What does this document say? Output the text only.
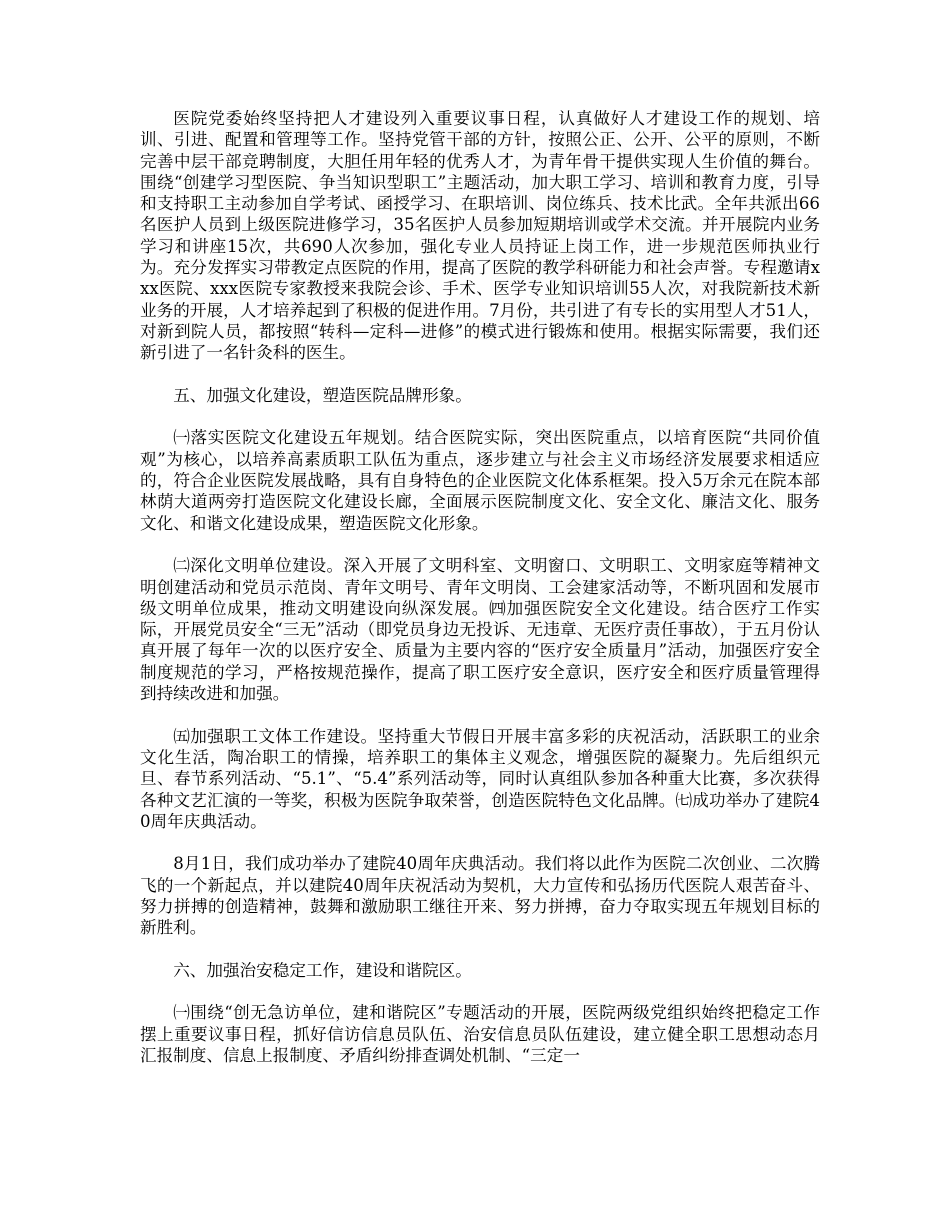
医院党委始终坚持把人才建设列入重要议事日程，认真做好人才建设工作的规划、培训、引进、配置和管理等工作。坚持党管干部的方针，按照公正、公开、公平的原则，不断完善中层干部竞聘制度，大胆任用年轻的优秀人才，为青年骨干提供实现人生价值的舞台。围绕“创建学习型医院、争当知识型职工”主题活动，加大职工学习、培训和教育力度，引导和支持职工主动参加自学考试、函授学习、在职培训、岗位练兵、技术比武。全年共派出66名医护人员到上级医院进修学习，35名医护人员参加短期培训或学术交流。并开展院内业务学习和讲座15次，共690人次参加，强化专业人员持证上岗工作，进一步规范医师执业行为。充分发挥实习带教定点医院的作用，提高了医院的教学科研能力和社会声誉。专程邀请xxx医院、xxx医院专家教授来我院会诊、手术、医学专业知识培训55人次，对我院新技术新业务的开展，人才培养起到了积极的促进作用。7月份，共引进了有专长的实用型人才51人，对新到院人员，都按照“转科—定科—进修”的模式进行锻炼和使用。根据实际需要，我们还新引进了一名针灸科的医生。

五、加强文化建设，塑造医院品牌形象。

㈠落实医院文化建设五年规划。结合医院实际，突出医院重点，以培育医院“共同价值观”为核心，以培养高素质职工队伍为重点，逐步建立与社会主义市场经济发展要求相适应的，符合企业医院发展战略，具有自身特色的企业医院文化体系框架。投入5万余元在院本部林荫大道两旁打造医院文化建设长廊，全面展示医院制度文化、安全文化、廉洁文化、服务文化、和谐文化建设成果，塑造医院文化形象。

㈡深化文明单位建设。深入开展了文明科室、文明窗口、文明职工、文明家庭等精神文明创建活动和党员示范岗、青年文明号、青年文明岗、工会建家活动等，不断巩固和发展市级文明单位成果，推动文明建设向纵深发展。㈣加强医院安全文化建设。结合医疗工作实际，开展党员安全“三无”活动（即党员身边无投诉、无违章、无医疗责任事故），于五月份认真开展了每年一次的以医疗安全、质量为主要内容的“医疗安全质量月”活动，加强医疗安全制度规范的学习，严格按规范操作，提高了职工医疗安全意识，医疗安全和医疗质量管理得到持续改进和加强。

㈤加强职工文体工作建设。坚持重大节假日开展丰富多彩的庆祝活动，活跃职工的业余文化生活，陶冶职工的情操，培养职工的集体主义观念，增强医院的凝聚力。先后组织元旦、春节系列活动、“5.1”、“5.4”系列活动等，同时认真组队参加各种重大比赛，多次获得各种文艺汇演的一等奖，积极为医院争取荣誉，创造医院特色文化品牌。㈦成功举办了建院40周年庆典活动。

8月1日，我们成功举办了建院40周年庆典活动。我们将以此作为医院二次创业、二次腾飞的一个新起点，并以建院40周年庆祝活动为契机，大力宣传和弘扬历代医院人艰苦奋斗、努力拼搏的创造精神，鼓舞和激励职工继往开来、努力拼搏，奋力夺取实现五年规划目标的新胜利。

六、加强治安稳定工作，建设和谐院区。

㈠围绕“创无急访单位，建和谐院区”专题活动的开展，医院两级党组织始终把稳定工作摆上重要议事日程，抓好信访信息员队伍、治安信息员队伍建设，建立健全职工思想动态月汇报制度、信息上报制度、矛盾纠纷排查调处机制、“三定一
